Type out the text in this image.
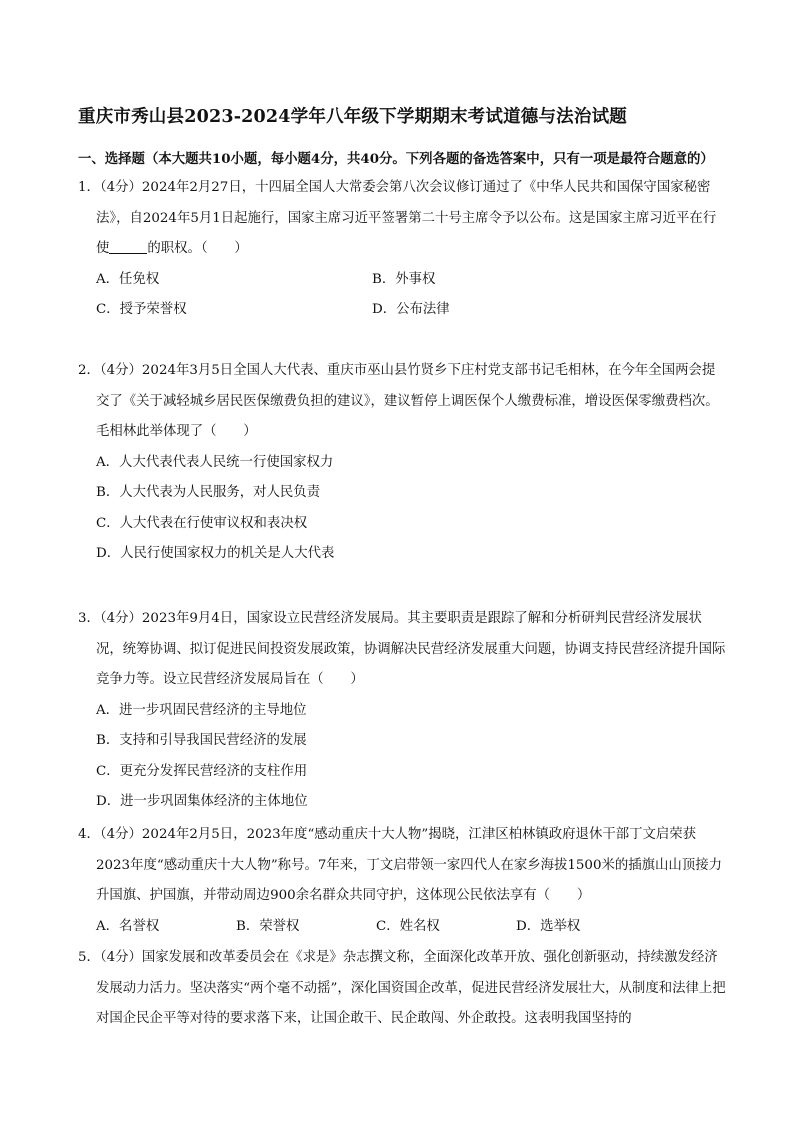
重庆市秀山县2023-2024学年八年级下学期期末考试道德与法治试题
一、选择题（本大题共10小题，每小题4分，共40分。下列各题的备选答案中，只有一项是最符合题意的）
1．（4分）2024年2月27日，十四届全国人大常委会第八次会议修订通过了《中华人民共和国保守国家秘密法》，自2024年5月1日起施行，国家主席习近平签署第二十号主席令予以公布。这是国家主席习近平在行使	的职权。（　　）
A．任免权	B．外事权
C．授予荣誉权	D．公布法律
2．（4分）2024年3月5日全国人大代表、重庆市巫山县竹贤乡下庄村党支部书记毛相林，在今年全国两会提交了《关于减轻城乡居民医保缴费负担的建议》，建议暂停上调医保个人缴费标准，增设医保零缴费档次。毛相林此举体现了（　　）
A．人大代表代表人民统一行使国家权力
B．人大代表为人民服务，对人民负责
C．人大代表在行使审议权和表决权
D．人民行使国家权力的机关是人大代表
3．（4分）2023年9月4日，国家设立民营经济发展局。其主要职责是跟踪了解和分析研判民营经济发展状况，统筹协调、拟订促进民间投资发展政策，协调解决民营经济发展重大问题，协调支持民营经济提升国际竞争力等。设立民营经济发展局旨在（　　）
A．进一步巩固民营经济的主导地位
B．支持和引导我国民营经济的发展
C．更充分发挥民营经济的支柱作用
D．进一步巩固集体经济的主体地位
4．（4分）2024年2月5日，2023年度“感动重庆十大人物”揭晓，江津区柏林镇政府退休干部丁文启荣获2023年度“感动重庆十大人物”称号。7年来，丁文启带领一家四代人在家乡海拔1500米的插旗山山顶接力升国旗、护国旗，并带动周边900余名群众共同守护，这体现公民依法享有（　　）
A．名誉权	B．荣誉权	C．姓名权	D．选举权
5．（4分）国家发展和改革委员会在《求是》杂志撰文称，全面深化改革开放、强化创新驱动，持续激发经济发展动力活力。坚决落实“两个毫不动摇”，深化国资国企改革，促进民营经济发展壮大，从制度和法律上把对国企民企平等对待的要求落下来，让国企敢干、民企敢闯、外企敢投。这表明我国坚持的
